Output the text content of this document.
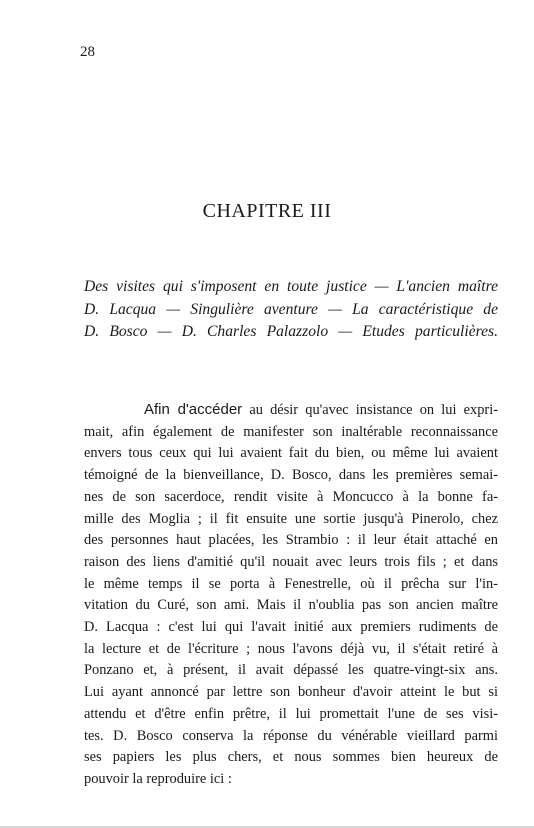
28
CHAPITRE III
Des visites qui s'imposent en toute justice — L'ancien maître
D. Lacqua — Singulière aventure — La caractéristique de
D. Bosco — D. Charles Palazzolo — Etudes particulières.
Afin d'accéder au désir qu'avec insistance on lui expri-
mait, afin également de manifester son inaltérable reconnaissance
envers tous ceux qui lui avaient fait du bien, ou même lui avaient
témoigné de la bienveillance, D. Bosco, dans les premières semai-
nes de son sacerdoce, rendit visite à Moncucco à la bonne fa-
mille des Moglia ; il fit ensuite une sortie jusqu'à Pinerolo, chez
des personnes haut placées, les Strambio : il leur était attaché en
raison des liens d'amitié qu'il nouait avec leurs trois fils ; et dans
le même temps il se porta à Fenestrelle, où il prêcha sur l'in-
vitation du Curé, son ami. Mais il n'oublia pas son ancien maître
D. Lacqua : c'est lui qui l'avait initié aux premiers rudiments de
la lecture et de l'écriture ; nous l'avons déjà vu, il s'était retiré à
Ponzano et, à présent, il avait dépassé les quatre-vingt-six ans.
Lui ayant annoncé par lettre son bonheur d'avoir atteint le but si
attendu et d'être enfin prêtre, il lui promettait l'une de ses visi-
tes. D. Bosco conserva la réponse du vénérable vieillard parmi
ses papiers les plus chers, et nous sommes bien heureux de
pouvoir la reproduire ici :
